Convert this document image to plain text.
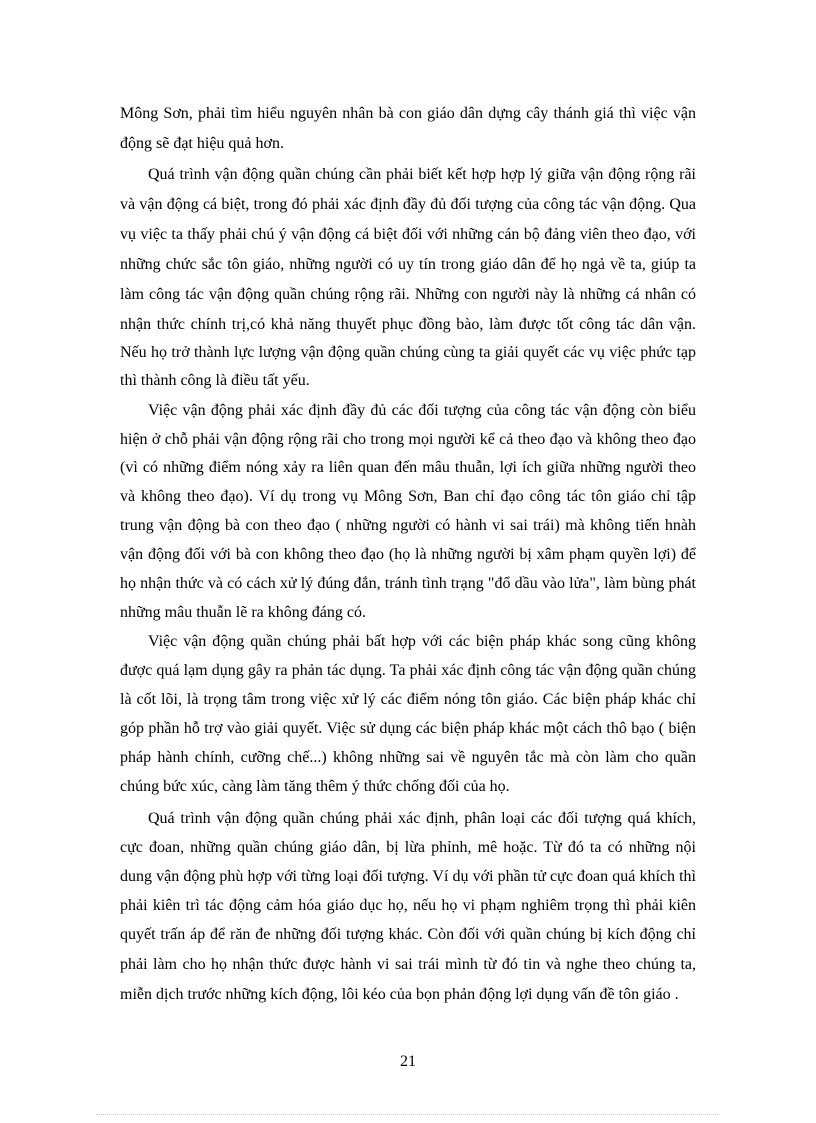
Mông Sơn, phải tìm hiểu nguyên nhân bà con giáo dân dựng cây thánh giá thì việc vận
động sẽ đạt hiệu quả hơn.
Quá trình vận động quần chúng cần phải biết kết hợp hợp lý giữa vận động rộng rãi
và vận động cá biệt, trong đó phải xác định đầy đủ đối tượng của công tác vận động. Qua
vụ việc ta thấy phải chú ý vận động cá biệt đối với những cán bộ đảng viên theo đạo, với
những chức sắc tôn giáo, những người có uy tín trong giáo dân để họ ngả về ta, giúp ta
làm công tác vận động quần chúng rộng rãi. Những con người này là những cá nhân có
nhận thức chính trị,có khả năng thuyết phục đồng bào, làm được tốt công tác dân vận.
Nếu họ trở thành lực lượng vận động quần chúng cùng ta giải quyết các vụ việc phức tạp
thì thành công là điều tất yếu.
Việc vận động phải xác định đầy đủ các đối tượng của công tác vận động còn biểu
hiện ở chỗ phải vận động rộng rãi cho trong mọi người kể cả theo đạo và không theo đạo
(vì có những điểm nóng xảy ra liên quan đến mâu thuẫn, lợi ích giữa những người theo
và không theo đạo). Ví dụ trong vụ Mông Sơn, Ban chỉ đạo công tác tôn giáo chỉ tập
trung vận động bà con theo đạo ( những người có hành vi sai trái) mà không tiến hnàh
vận động đối với bà con không theo đạo (họ là những người bị xâm phạm quyền lợi) để
họ nhận thức và có cách xử lý đúng đắn, tránh tình trạng "đổ dầu vào lửa", làm bùng phát
những mâu thuẫn lẽ ra không đáng có.
Việc vận động quần chúng phải bất hợp với các biện pháp khác song cũng không
được quá lạm dụng gây ra phản tác dụng. Ta phải xác định công tác vận động quần chúng
là cốt lõi, là trọng tâm trong việc xử lý các điểm nóng tôn giáo. Các biện pháp khác chỉ
góp phần hỗ trợ vào giải quyết. Việc sử dụng các biện pháp khác một cách thô bạo ( biện
pháp hành chính, cưỡng chế...) không những sai về nguyên tắc mà còn làm cho quần
chúng bức xúc, càng làm tăng thêm ý thức chống đối của họ.
Quá trình vận động quần chúng phải xác định, phân loại các đối tượng quá khích,
cực đoan, những quần chúng giáo dân, bị lừa phỉnh, mê hoặc. Từ đó ta có những nội
dung vận động phù hợp với từng loại đối tượng. Ví dụ với phần tử cực đoan quá khích thì
phải kiên trì tác động cảm hóa giáo dục họ, nếu họ vi phạm nghiêm trọng thì phải kiên
quyết trấn áp để răn đe những đối tượng khác. Còn đối với quần chúng bị kích động chỉ
phải làm cho họ nhận thức được hành vi sai trái mình từ đó tin và nghe theo chúng ta,
miễn dịch trước những kích động, lôi kéo của bọn phản động lợi dụng vấn đề tôn giáo .
21
